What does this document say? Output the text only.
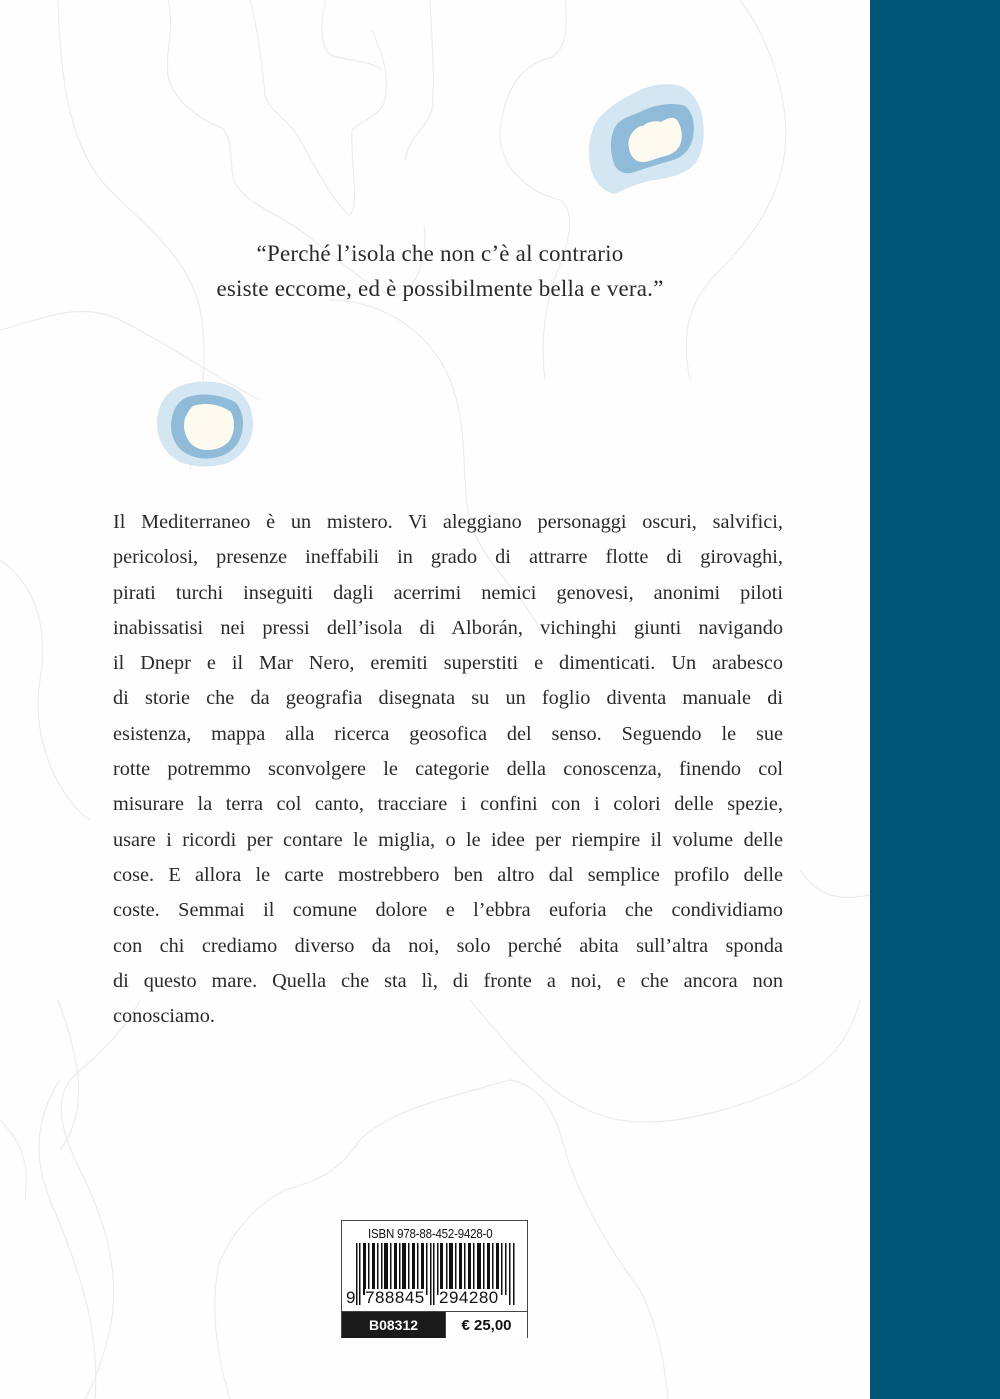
“Perché l’isola che non c’è al contrario
esiste eccome, ed è possibilmente bella e vera.”
Il Mediterraneo è un mistero. Vi aleggiano personaggi oscuri, salvifici,
pericolosi, presenze ineffabili in grado di attrarre flotte di girovaghi,
pirati turchi inseguiti dagli acerrimi nemici genovesi, anonimi piloti
inabissatisi nei pressi dell’isola di Alborán, vichinghi giunti navigando
il Dnepr e il Mar Nero, eremiti superstiti e dimenticati. Un arabesco
di storie che da geografia disegnata su un foglio diventa manuale di
esistenza, mappa alla ricerca geosofica del senso. Seguendo le sue
rotte potremmo sconvolgere le categorie della conoscenza, finendo col
misurare la terra col canto, tracciare i confini con i colori delle spezie,
usare i ricordi per contare le miglia, o le idee per riempire il volume delle
cose. E allora le carte mostrebbero ben altro dal semplice profilo delle
coste. Semmai il comune dolore e l’ebbra euforia che condividiamo
con chi crediamo diverso da noi, solo perché abita sull’altra sponda
di questo mare. Quella che sta lì, di fronte a noi, e che ancora non
conosciamo.
ISBN 978-88-452-9428-0
9 788845 294280
B08312	€ 25,00
